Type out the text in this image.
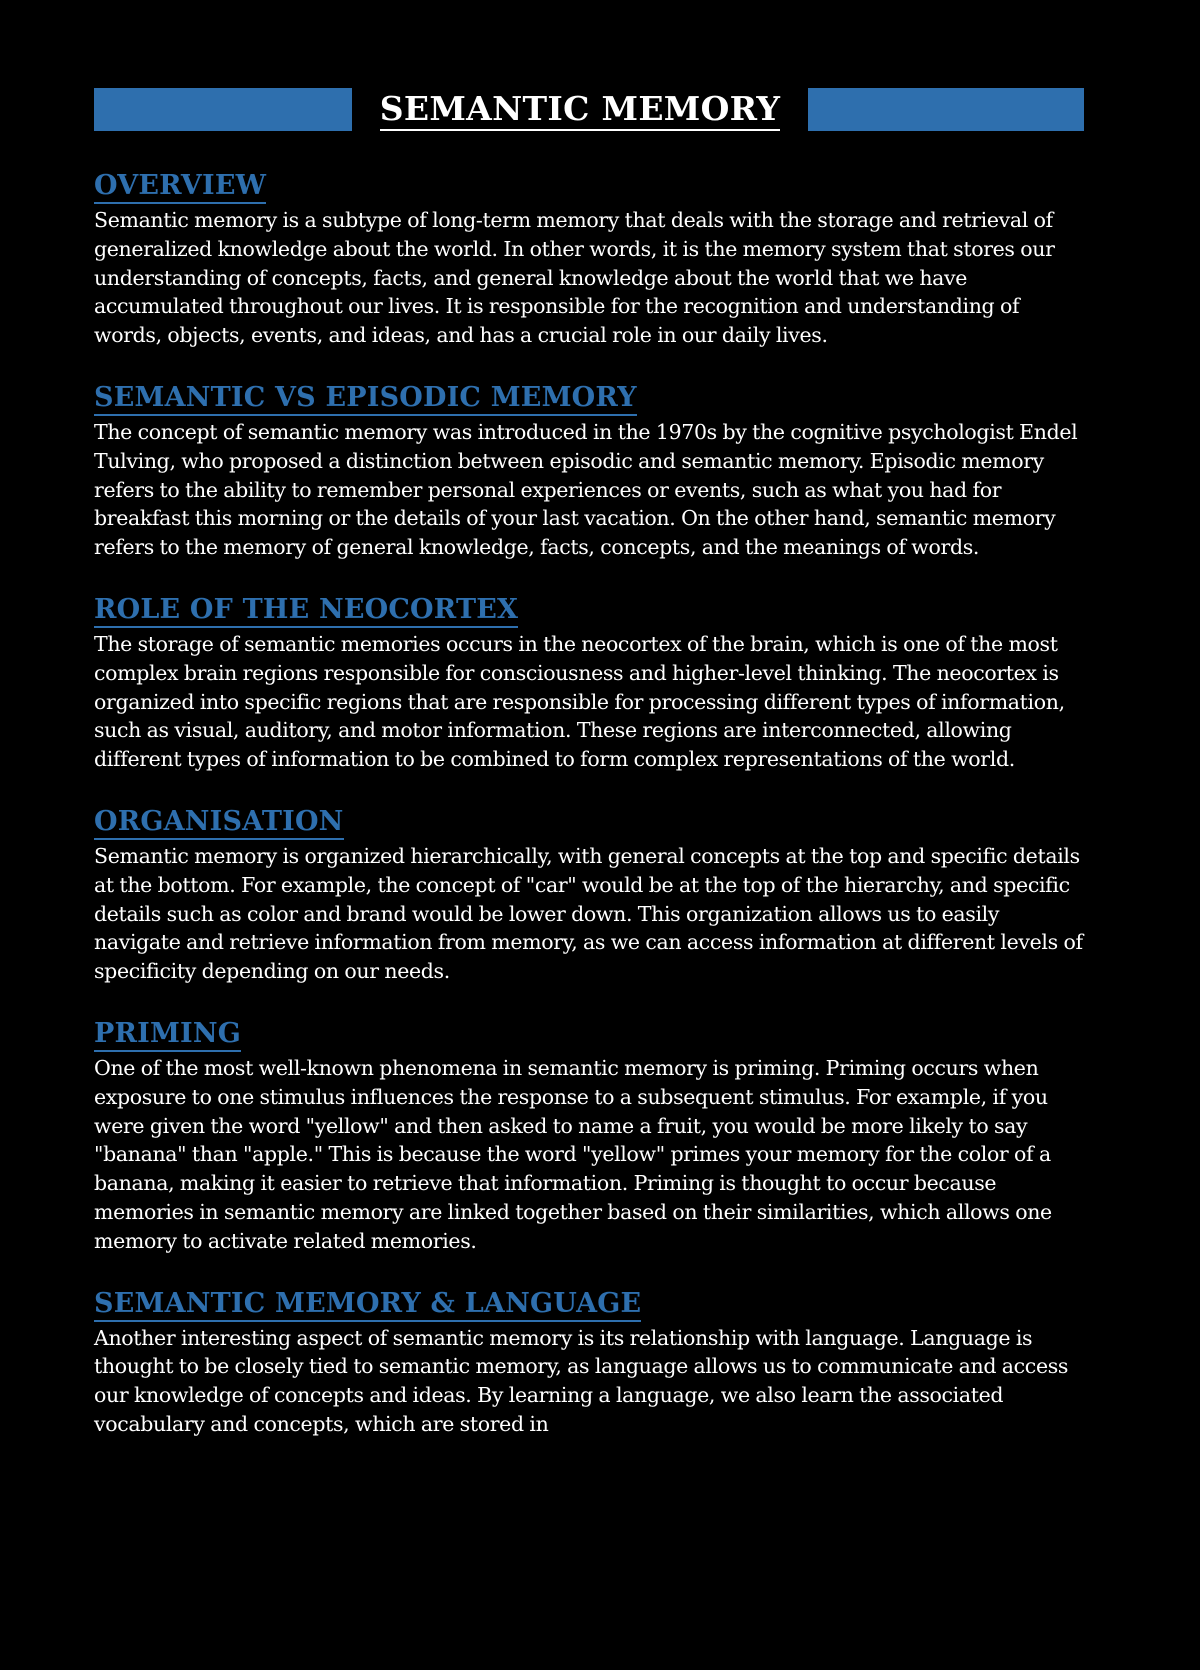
SEMANTIC MEMORY
OVERVIEW

Semantic memory is a subtype of long-term memory that deals with the storage and retrieval of generalized knowledge about the world. In other words, it is the memory system that stores our understanding of concepts, facts, and general knowledge about the world that we have accumulated throughout our lives. It is responsible for the recognition and understanding of words, objects, events, and ideas, and has a crucial role in our daily lives.

SEMANTIC VS EPISODIC MEMORY

The concept of semantic memory was introduced in the 1970s by the cognitive psychologist Endel Tulving, who proposed a distinction between episodic and semantic memory. Episodic memory refers to the ability to remember personal experiences or events, such as what you had for breakfast this morning or the details of your last vacation. On the other hand, semantic memory refers to the memory of general knowledge, facts, concepts, and the meanings of words.

ROLE OF THE NEOCORTEX

The storage of semantic memories occurs in the neocortex of the brain, which is one of the most complex brain regions responsible for consciousness and higher-level thinking. The neocortex is organized into specific regions that are responsible for processing different types of information, such as visual, auditory, and motor information. These regions are interconnected, allowing different types of information to be combined to form complex representations of the world.

ORGANISATION

Semantic memory is organized hierarchically, with general concepts at the top and specific details at the bottom. For example, the concept of "car" would be at the top of the hierarchy, and specific details such as color and brand would be lower down. This organization allows us to easily navigate and retrieve information from memory, as we can access information at different levels of specificity depending on our needs.

PRIMING

One of the most well-known phenomena in semantic memory is priming. Priming occurs when exposure to one stimulus influences the response to a subsequent stimulus. For example, if you were given the word "yellow" and then asked to name a fruit, you would be more likely to say "banana" than "apple." This is because the word "yellow" primes your memory for the color of a banana, making it easier to retrieve that information. Priming is thought to occur because memories in semantic memory are linked together based on their similarities, which allows one memory to activate related memories.

SEMANTIC MEMORY & LANGUAGE

Another interesting aspect of semantic memory is its relationship with language. Language is thought to be closely tied to semantic memory, as language allows us to communicate and access our knowledge of concepts and ideas. By learning a language, we also learn the associated vocabulary and concepts, which are stored in
